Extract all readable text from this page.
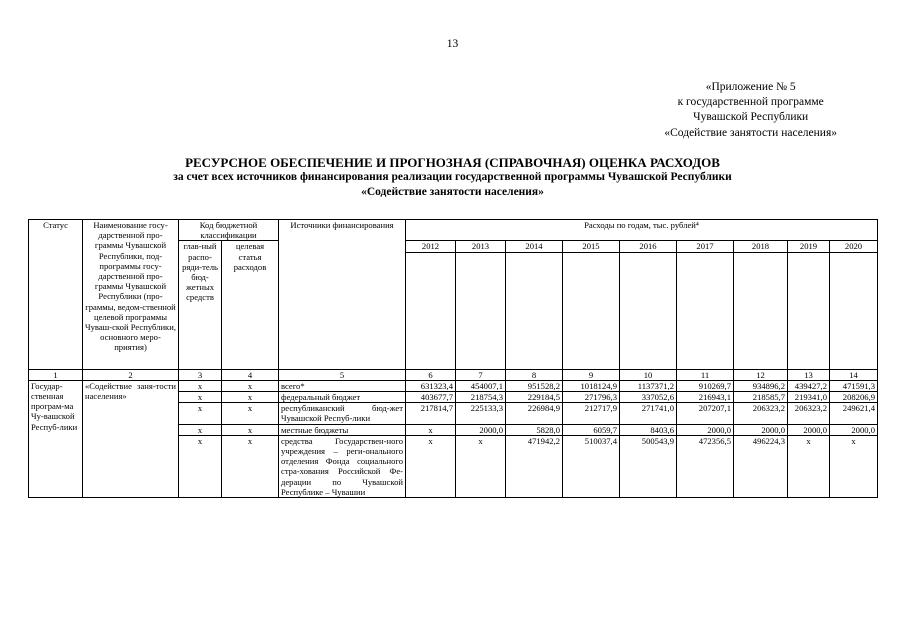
13
«Приложение № 5
к государственной программе
Чувашской Республики
«Содействие занятости населения»
РЕСУРСНОЕ ОБЕСПЕЧЕНИЕ И ПРОГНОЗНАЯ (СПРАВОЧНАЯ) ОЦЕНКА РАСХОДОВ
за счет всех источников финансирования реализации государственной программы Чувашской Республики
«Содействие занятости населения»
Статус	Наименование госу-дарственной про-граммы Чувашской Республики, под-программы госу-дарственной про-граммы Чувашской Республики (про-граммы, ведом-ственной целевой программы Чуваш-ской Республики, основного меро-приятия)	Код бюджетной классификации		Источники финансирования	Расходы по годам, тыс. рублей⁴								
		глав-ный распо-ряди-тель бюд-жетных средств	целевая статья расходов		2012	2013	2014	2015	2016	2017	2018	2019	2020

1	2	3	4	5	6	7	8	9	10	11	12	13	14
Государ-ственная програм-ма Чу-вашской Респуб-лики	«Содействие заня-тости населения»	х	х	всего*	631323,4	454007,1	951528,2	1018124,9	1137371,2	910269,7	934896,2	439427,2	471591,3
		х	х	федеральный бюджет	403677,7	218754,3	229184,5	271796,3	337052,6	216943,1	218585,7	219341,0	208206,9
		х	х	республиканский бюд-жет Чувашской Респуб-лики	217814,7	225133,3	226984,9	212717,9	271741,0	207207,1	206323,2	206323,2	249621,4
		х	х	местные бюджеты	х	2000,0	5828,0	6059,7	8403,6	2000,0	2000,0	2000,0	2000,0
		х	х	средства Государствен-ного учреждения – реги-онального отделения Фонда социального стра-хования Российской Фе-дерации по Чувашской Республике – Чувашии	х	х	471942,2	510037,4	500543,9	472356,5	496224,3	х	х
